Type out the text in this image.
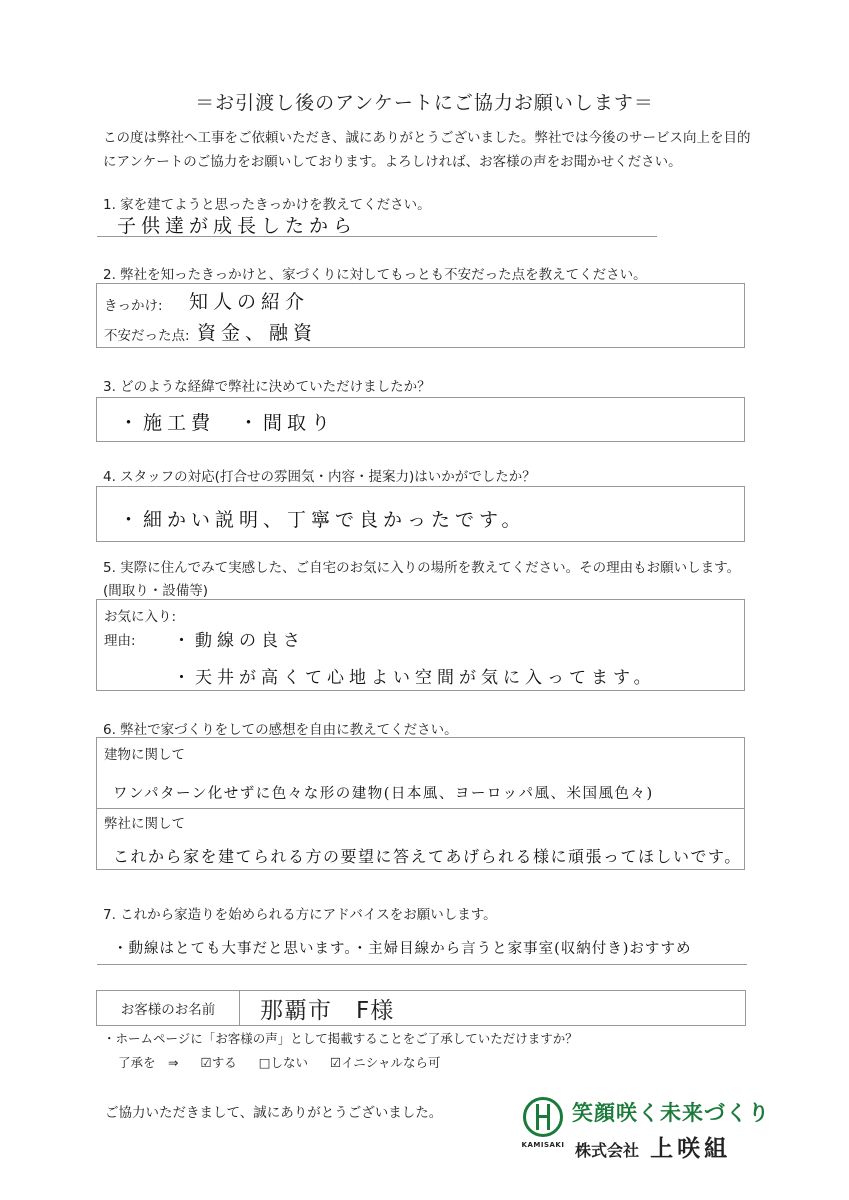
＝お引渡し後のアンケートにご協力お願いします＝
この度は弊社へ工事をご依頼いただき、誠にありがとうございました。弊社では今後のサービス向上を目的にアンケートのご協力をお願いしております。よろしければ、お客様の声をお聞かせください。
1. 家を建てようと思ったきっかけを教えてください。
子供達が成長したから
2. 弊社を知ったきっかけと、家づくりに対してもっとも不安だった点を教えてください。
きっかけ: 知人の紹介
不安だった点: 資金、融資
3. どのような経緯で弊社に決めていただけましたか？
・施工費　・間取り
4. スタッフの対応(打合せの雰囲気・内容・提案力)はいかがでしたか？
・細かい説明、丁寧で良かったです。
5. 実際に住んでみて実感した、ご自宅のお気に入りの場所を教えてください。その理由もお願いします。(間取り・設備等)
お気に入り:
理由: ・動線の良さ
・天井が高くて心地よい空間が気に入ってます。
6. 弊社で家づくりをしての感想を自由に教えてください。
建物に関して
ワンパターン化せずに色々な形の建物(日本風、ヨーロッパ風、米国風色々)
弊社に関して
これから家を建てられる方の要望に答えてあげられる様に頑張ってほしいです。
7. これから家造りを始められる方にアドバイスをお願いします。
・動線はとても大事だと思います。・主婦目線から言うと家事室(収納付き)おすすめ
お客様のお名前 那覇市　F様
・ホームページに「お客様の声」として掲載することをご了承していただけますか？
了承を　⇒ ☑する □しない ☑イニシャルなら可
ご協力いただきまして、誠にありがとうございました。
KAMISAKI
笑顔咲く未来づくり
株式会社 上咲組
